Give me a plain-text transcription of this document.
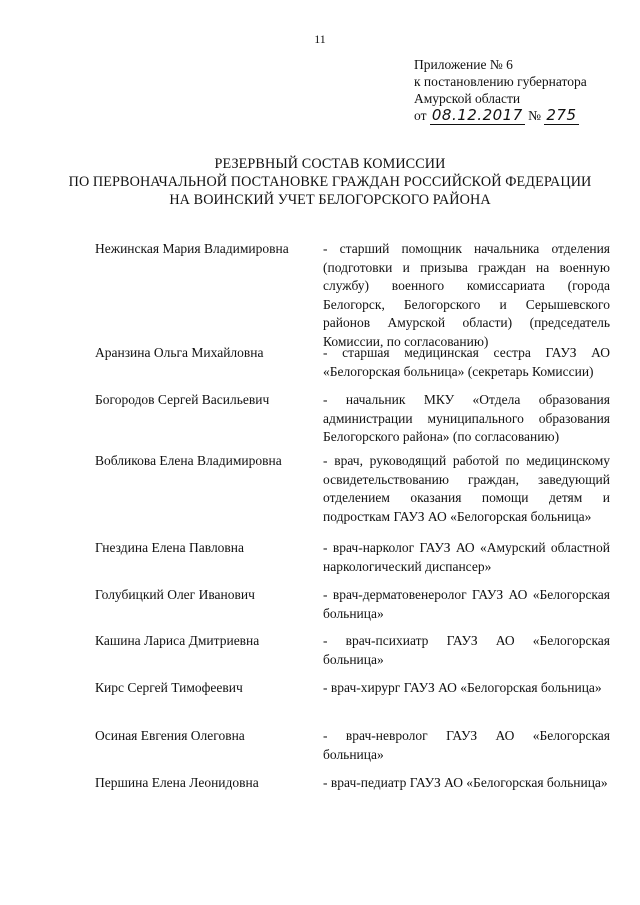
11
Приложение № 6
к постановлению губернатора
Амурской области
от 08.12.2017 № 275
РЕЗЕРВНЫЙ СОСТАВ КОМИССИИ
ПО ПЕРВОНАЧАЛЬНОЙ ПОСТАНОВКЕ ГРАЖДАН РОССИЙСКОЙ ФЕДЕРАЦИИ
НА ВОИНСКИЙ УЧЕТ БЕЛОГОРСКОГО РАЙОНА
Нежинская Мария Владимировна	- старший помощник начальника отделения (подготовки и призыва граждан на военную службу) военного комиссариата (города Белогорск, Белогорского и Серышевского районов Амурской области) (председатель Комиссии, по согласованию)
Аранзина Ольга Михайловна	- старшая медицинская сестра ГАУЗ АО «Белогорская больница» (секретарь Комиссии)
Богородов Сергей Васильевич	- начальник МКУ «Отдела образования администрации муниципального образования Белогорского района» (по согласованию)
Вобликова Елена Владимировна	- врач, руководящий работой по медицинскому освидетельствованию граждан, заведующий отделением оказания помощи детям и подросткам ГАУЗ АО «Белогорская больница»
Гнездина Елена Павловна	- врач-нарколог ГАУЗ АО «Амурский областной наркологический диспансер»
Голубицкий Олег Иванович	- врач-дерматовенеролог ГАУЗ АО «Белогорская больница»
Кашина Лариса Дмитриевна	- врач-психиатр ГАУЗ АО «Белогорская больница»
Кирс Сергей Тимофеевич	- врач-хирург ГАУЗ АО «Белогорская больница»
Осиная Евгения Олеговна	- врач-невролог ГАУЗ АО «Белогорская больница»
Першина Елена Леонидовна	- врач-педиатр ГАУЗ АО «Белогорская больница»
